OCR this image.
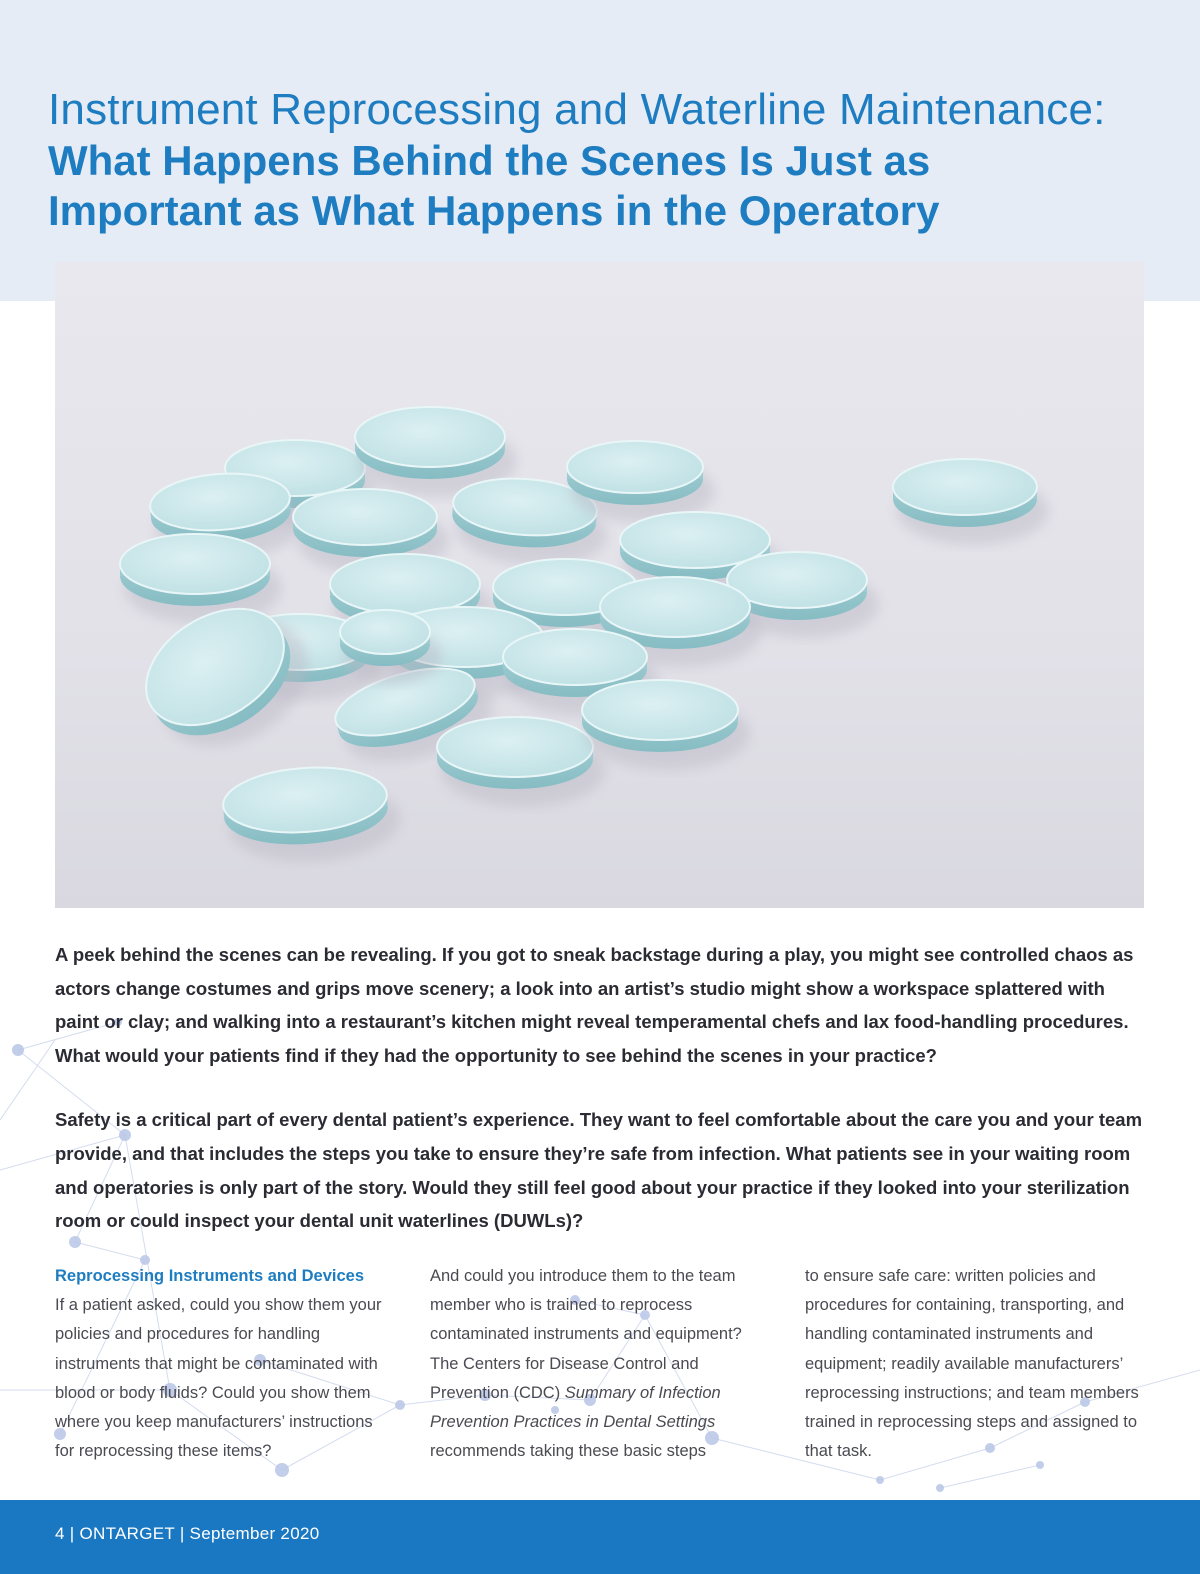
Instrument Reprocessing and Waterline Maintenance:
What Happens Behind the Scenes Is Just as Important as What Happens in the Operatory

A peek behind the scenes can be revealing. If you got to sneak backstage during a play, you might see controlled chaos as actors change costumes and grips move scenery; a look into an artist’s studio might show a workspace splattered with paint or clay; and walking into a restaurant’s kitchen might reveal temperamental chefs and lax food-handling procedures. What would your patients find if they had the opportunity to see behind the scenes in your practice?

Safety is a critical part of every dental patient’s experience. They want to feel comfortable about the care you and your team provide, and that includes the steps you take to ensure they’re safe from infection. What patients see in your waiting room and operatories is only part of the story. Would they still feel good about your practice if they looked into your sterilization room or could inspect your dental unit waterlines (DUWLs)?

Reprocessing Instruments and Devices

If a patient asked, could you show them your policies and procedures for handling instruments that might be contaminated with blood or body fluids? Could you show them where you keep manufacturers’ instructions for reprocessing these items?

And could you introduce them to the team member who is trained to reprocess contaminated instruments and equipment? The Centers for Disease Control and Prevention (CDC) Summary of Infection Prevention Practices in Dental Settings recommends taking these basic steps

to ensure safe care: written policies and procedures for containing, transporting, and handling contaminated instruments and equipment; readily available manufacturers’ reprocessing instructions; and team members trained in reprocessing steps and assigned to that task.

4 | ONTARGET | September 2020
